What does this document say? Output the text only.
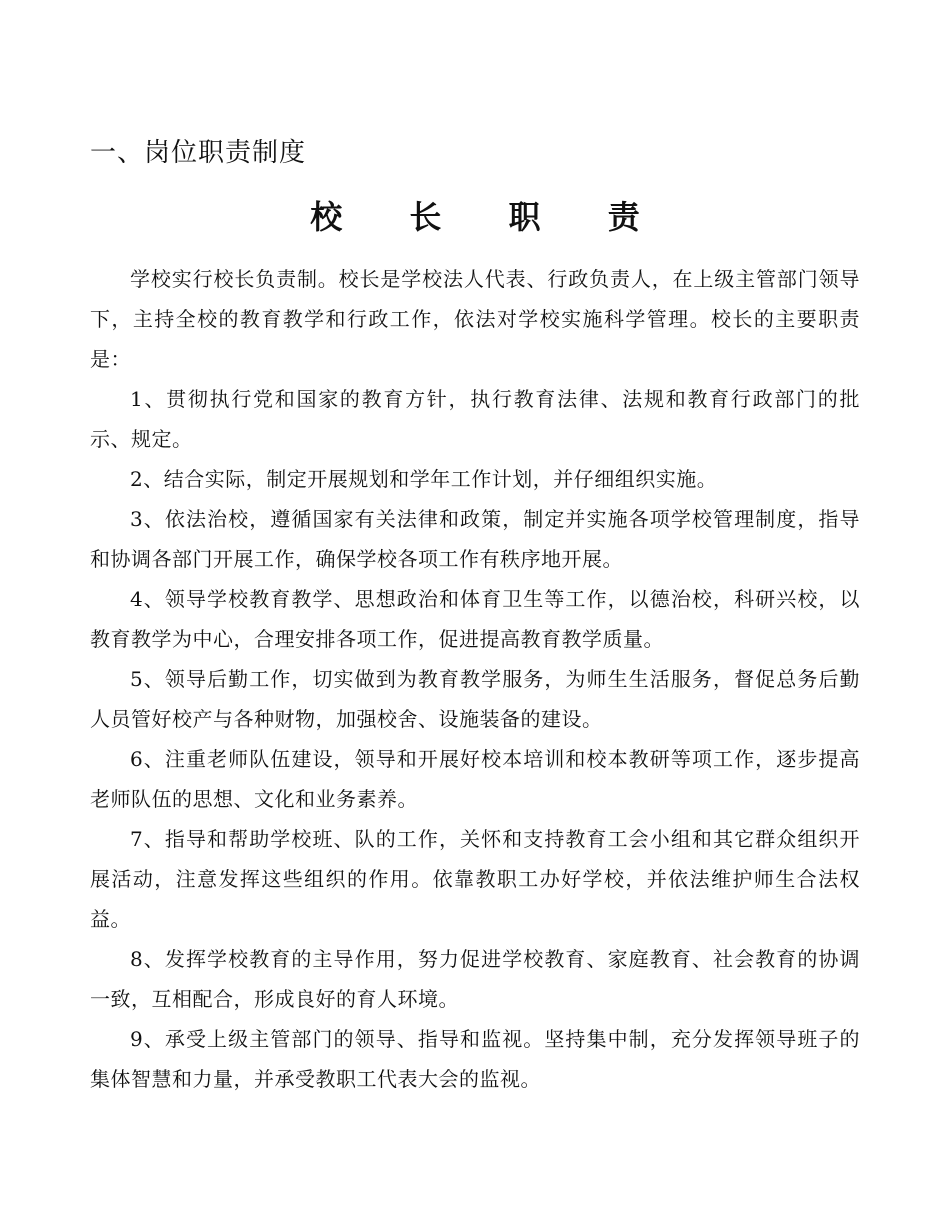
一、岗位职责制度
校 长 职 责

学校实行校长负责制。校长是学校法人代表、行政负责人，在上级主管部门领导下，主持全校的教育教学和行政工作，依法对学校实施科学管理。校长的主要职责是：

1、贯彻执行党和国家的教育方针，执行教育法律、法规和教育行政部门的批示、规定。

2、结合实际，制定开展规划和学年工作计划，并仔细组织实施。

3、依法治校，遵循国家有关法律和政策，制定并实施各项学校管理制度，指导和协调各部门开展工作，确保学校各项工作有秩序地开展。

4、领导学校教育教学、思想政治和体育卫生等工作，以德治校，科研兴校，以教育教学为中心，合理安排各项工作，促进提高教育教学质量。

5、领导后勤工作，切实做到为教育教学服务，为师生生活服务，督促总务后勤人员管好校产与各种财物，加强校舍、设施装备的建设。

6、注重老师队伍建设，领导和开展好校本培训和校本教研等项工作，逐步提高老师队伍的思想、文化和业务素养。

7、指导和帮助学校班、队的工作，关怀和支持教育工会小组和其它群众组织开展活动，注意发挥这些组织的作用。依靠教职工办好学校，并依法维护师生合法权益。

8、发挥学校教育的主导作用，努力促进学校教育、家庭教育、社会教育的协调一致，互相配合，形成良好的育人环境。

9、承受上级主管部门的领导、指导和监视。坚持集中制，充分发挥领导班子的集体智慧和力量，并承受教职工代表大会的监视。
